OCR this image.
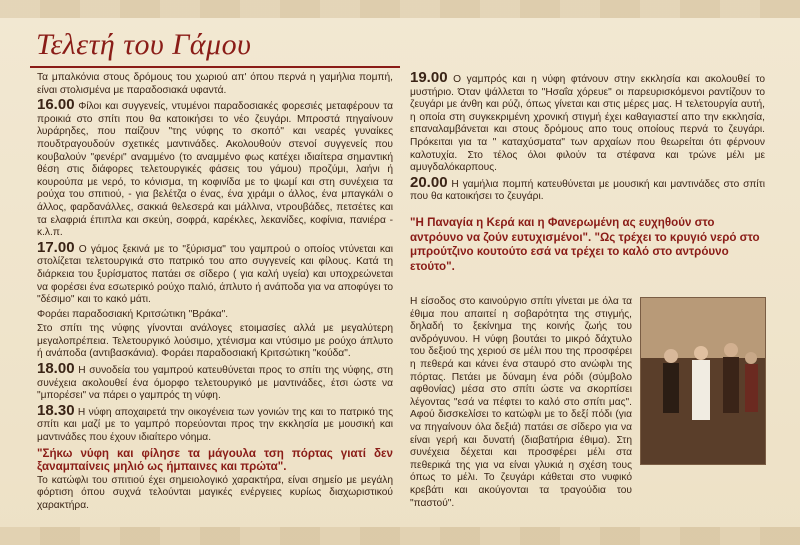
Τελετή του Γάμου

Τα μπαλκόνια στους δρόμους του χωριού απ' όπου περνά η γαμήλια πομπή, είναι στολισμένα με παραδοσιακά υφαντά.

16.00 Φίλοι και συγγενείς, ντυμένοι παραδοσιακές φορεσιές μεταφέρουν τα προικιά στο σπίτι που θα κατοικήσει το νέο ζευγάρι. Μπροστά πηγαίνουν λυράρηδες, που παίζουν "της νύφης το σκοπό" και νεαρές γυναίκες πουδτραγουδούν σχετικές μαντινάδες. Ακολουθούν στενοί συγγενείς που κουβαλούν "φενέρι" αναμμένο (το αναμμένο φως κατέχει ιδιαίτερα σημαντική θέση στις διάφορες τελετουργικές φάσεις του γάμου) προζύμι, λαήνι ή κουρούπα με νερό, το κόνισμα, τη κοφινίδα με το ψωμί και στη συνέχεια τα ρούχα του σπιτιού, - για βελέτζα ο ένας, ένα χιράμι ο άλλος, ένα μπαγκάλι ο άλλος, φαρδανάλλες, σακκιά θελεσερά και μάλλινα, ντρουβάδες, πετσέτες και τα ελαφριά έπιπλα και σκεύη, σοφρά, καρέκλες, λεκανίδες, κοφίνια, πανιέρα - κ.λ.π.

17.00 Ο γάμος ξεκινά με το "ξύρισμα" του γαμπρού ο οποίος ντύνεται και στολίζεται τελετουργικά στο πατρικό του απο συγγενείς και φίλους. Κατά τη διάρκεια του ξυρίσματος πατάει σε σίδερο ( για καλή υγεία) και υποχρεώνεται να φορέσει ένα εσωτερικό ρούχο παλιό, άπλυτο ή ανάποδα για να αποφύγει το "δέσιμο" και το κακό μάτι.

Φοράει παραδοσιακή Κριτσώτικη "Βράκα".

Στο σπίτι της νύφης γίνονται ανάλογες ετοιμασίες αλλά με μεγαλύτερη μεγαλοπρέπεια. Τελετουργικό λούσιμο, χτένισμα και ντύσιμο με ρούχο άπλυτο ή ανάποδα (αντιβασκάνια). Φοράει παραδοσιακή Κριτσώτικη "κούδα".

18.00 Η συνοδεία του γαμπρού κατευθύνεται προς το σπίτι της νύφης, στη συνέχεια ακολουθεί ένα όμορφο τελετουργικό με μαντινάδες, έτσι ώστε να "μπορέσει" να πάρει ο γαμπρός τη νύφη.

18.30 Η νύφη αποχαιρετά την οικογένεια των γονιών της και το πατρικό της σπίτι και μαζί με το γαμπρό πορεύονται προς την εκκλησία με μουσική και μαντινάδες που έχουν ιδιαίτερο νόημα.

"Σήκω νύφη και φίλησε τα μάγουλα τση πόρτας γιατί δεν ξαναμπαίνεις μηλιό ως ήμπαινες και πρώτα".

Το κατώφλι του σπιτιού έχει σημειολογικό χαρακτήρα, είναι σημείο με μεγάλη φόρτιση όπου συχνά τελούνται μαγικές ενέργειες κυρίως διαχωριστικού χαρακτήρα.

19.00 Ο γαμπρός και η νύφη φτάνουν στην εκκλησία και ακολουθεί το μυστήριο. Όταν ψάλλεται το "Ησαΐα χόρευε" οι παρευρισκόμενοι ραντίζουν το ζευγάρι με άνθη και ρύζι, όπως γίνεται και στις μέρες μας. Η τελετουργία αυτή, η οποία στη συγκεκριμένη χρονική στιγμή έχει καθαγιαστεί απο την εκκλησία, επαναλαμβάνεται και στους δρόμους απο τους οποίους περνά το ζευγάρι. Πρόκειται για τα " καταχύσματα" των αρχαίων που θεωρείται ότι φέρνουν καλοτυχία. Στο τέλος όλοι φιλούν τα στέφανα και τρώνε μέλι με αμυγδαλόκαρπους.

20.00 Η γαμήλια πομπή κατευθύνεται με μουσική και μαντινάδες στο σπίτι που θα κατοικήσει το ζευγάρι.

"Η Παναγία η Κερά και η Φανερωμένη ας ευχηθούν στο αντρόυνο να ζούν ευτυχισμένοι". "Ως τρέχει το κρυγιό νερό στο μπρούτζινο κουτούτο εσά να τρέχει το καλό στο αντρόυνο ετούτο".

Η είσοδος στο καινούργιο σπίτι γίνεται με όλα τα έθιμα που απαιτεί η σοβαρότητα της στιγμής, δηλαδή το ξεκίνημα της κοινής ζωής του ανδρόγυνου. Η νύφη βουτάει το μικρό δάχτυλο του δεξιού της χεριού σε μέλι που της προσφέρει η πεθερά και κάνει ένα σταυρό στο ανώφλι της πόρτας. Πετάει με δύναμη ένα ρόδι (σύμβολο αφθονίας) μέσα στο σπίτι ώστε να σκορπίσει λέγοντας "εσά να πέφτει το καλό στο σπίτι μας". Αφού δισσκελίσει το κατώφλι με το δεξί πόδι (για να πηγαίνουν όλα δεξιά) πατάει σε σίδερο για να είναι γερή και δυνατή (διαβατήρια έθιμα). Στη συνέχεια δέχεται και προσφέρει μέλι στα πεθερικά της για να είναι γλυκιά η σχέση τους όπως το μέλι. Το ζευγάρι κάθεται στο νυφικό κρεβάτι και ακούγονται τα τραγούδια του "παστού".
